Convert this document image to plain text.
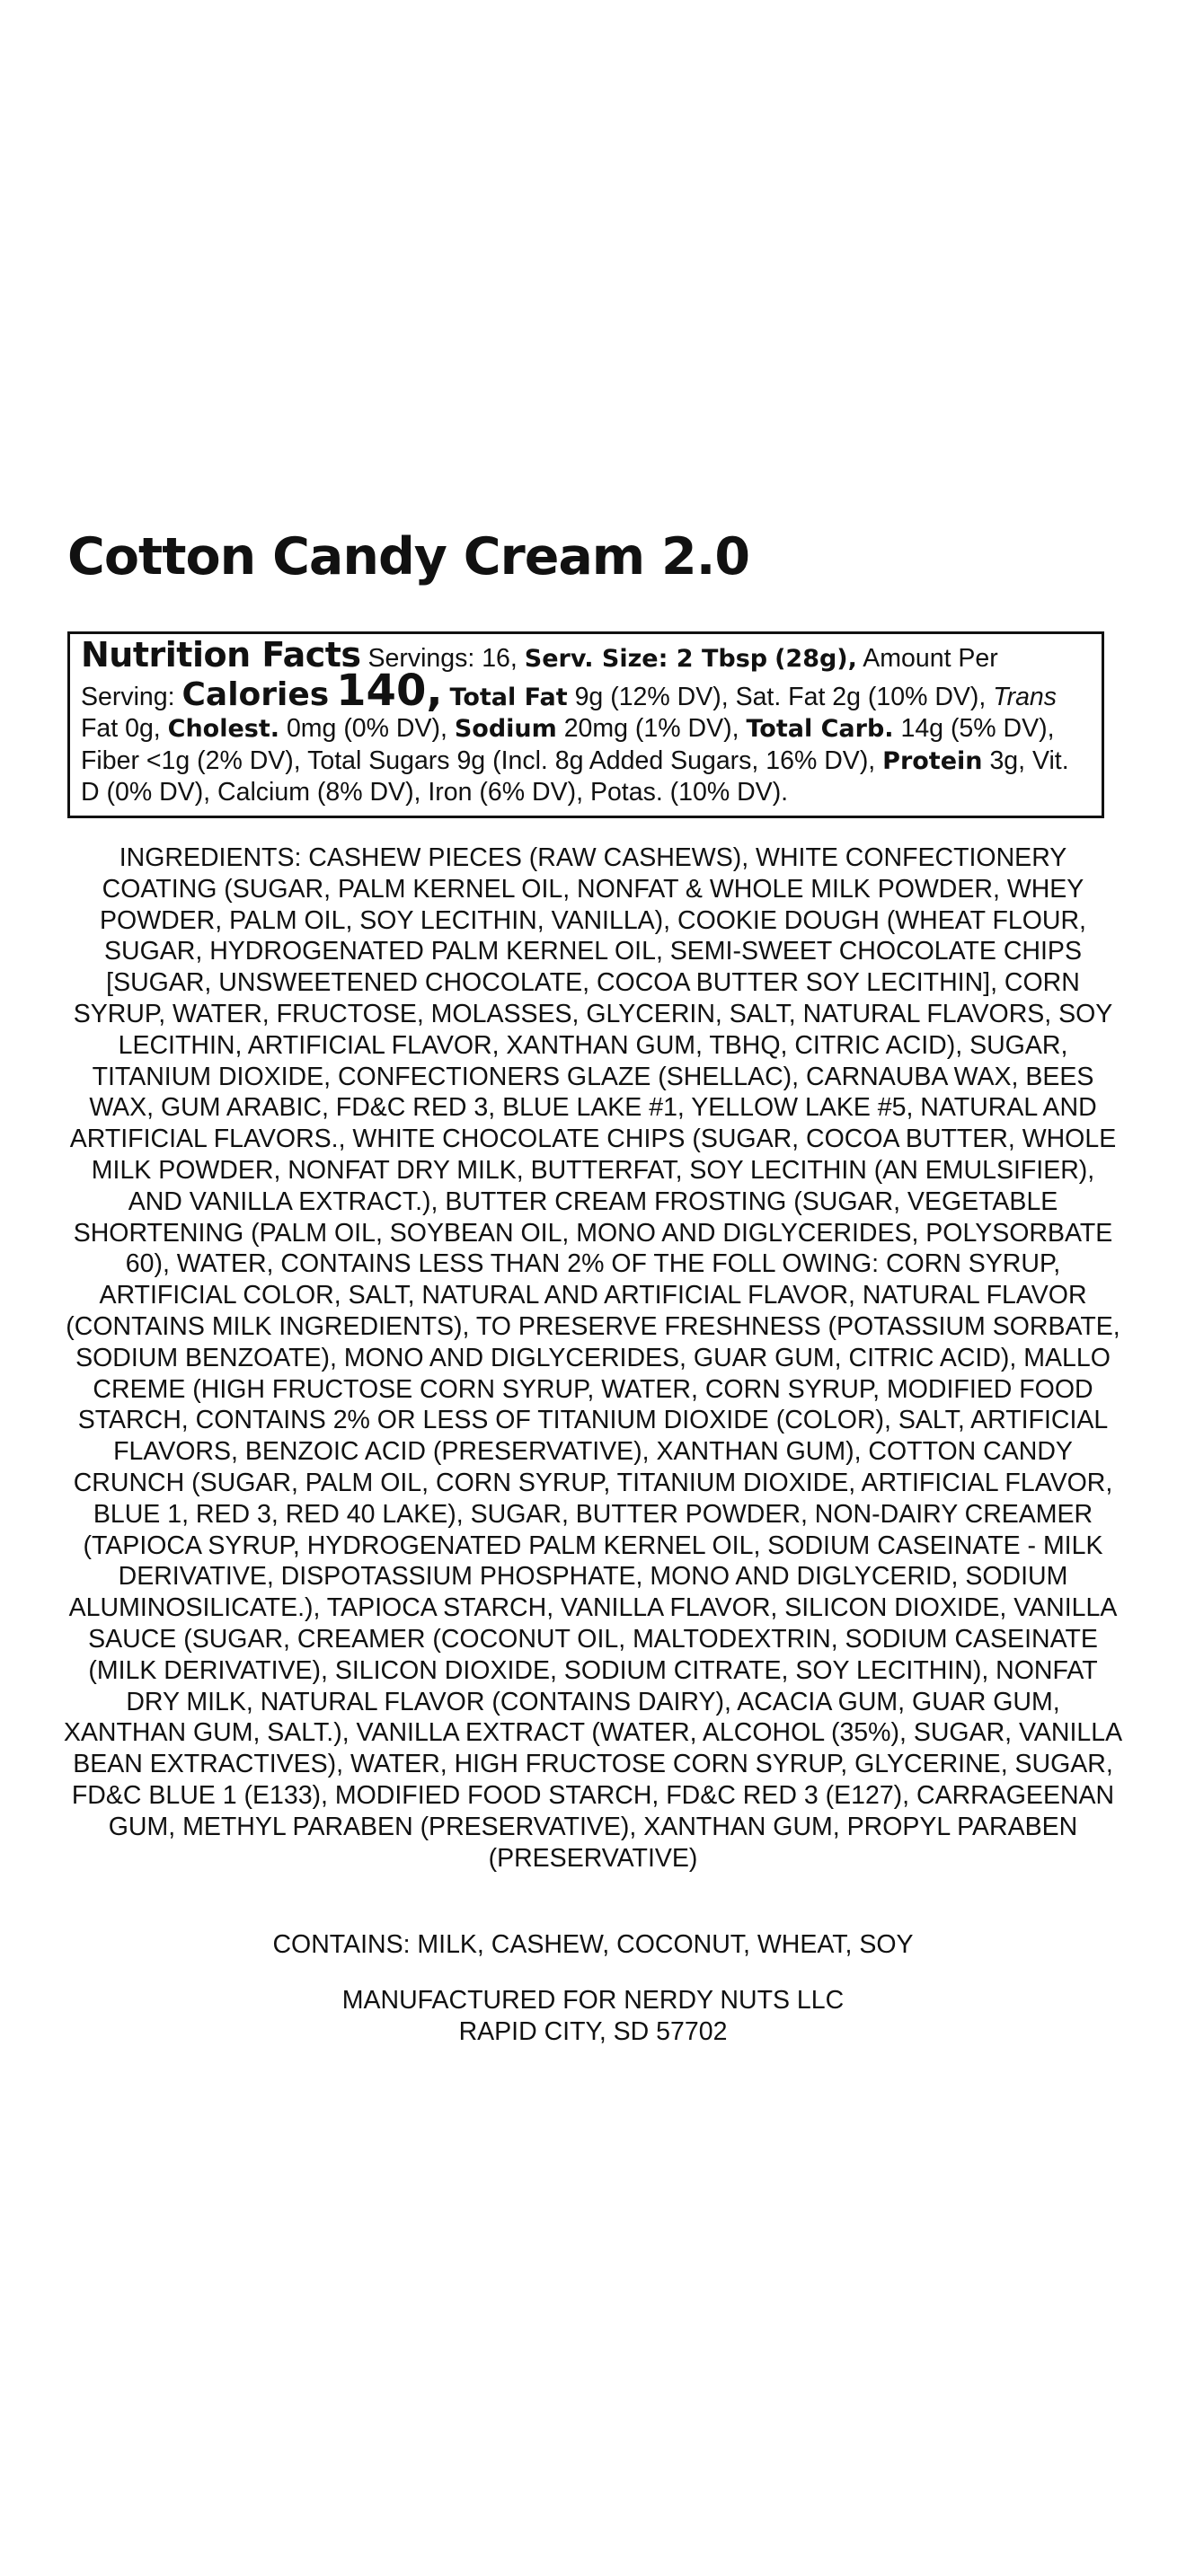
Cotton Candy Cream 2.0
Nutrition Facts Servings: 16, Serv. Size: 2 Tbsp (28g), Amount Per Serving: Calories 140, Total Fat 9g (12% DV), Sat. Fat 2g (10% DV), Trans Fat 0g, Cholest. 0mg (0% DV), Sodium 20mg (1% DV), Total Carb. 14g (5% DV), Fiber <1g (2% DV), Total Sugars 9g (Incl. 8g Added Sugars, 16% DV), Protein 3g, Vit. D (0% DV), Calcium (8% DV), Iron (6% DV), Potas. (10% DV).

INGREDIENTS: CASHEW PIECES (RAW CASHEWS), WHITE CONFECTIONERY COATING (SUGAR, PALM KERNEL OIL, NONFAT & WHOLE MILK POWDER, WHEY POWDER, PALM OIL, SOY LECITHIN, VANILLA), COOKIE DOUGH (WHEAT FLOUR, SUGAR, HYDROGENATED PALM KERNEL OIL, SEMI-SWEET CHOCOLATE CHIPS [SUGAR, UNSWEETENED CHOCOLATE, COCOA BUTTER SOY LECITHIN], CORN SYRUP, WATER, FRUCTOSE, MOLASSES, GLYCERIN, SALT, NATURAL FLAVORS, SOY LECITHIN, ARTIFICIAL FLAVOR, XANTHAN GUM, TBHQ, CITRIC ACID), SUGAR, TITANIUM DIOXIDE, CONFECTIONERS GLAZE (SHELLAC), CARNAUBA WAX, BEES WAX, GUM ARABIC, FD&C RED 3, BLUE LAKE #1, YELLOW LAKE #5, NATURAL AND ARTIFICIAL FLAVORS., WHITE CHOCOLATE CHIPS (SUGAR, COCOA BUTTER, WHOLE MILK POWDER, NONFAT DRY MILK, BUTTERFAT, SOY LECITHIN (AN EMULSIFIER), AND VANILLA EXTRACT.), BUTTER CREAM FROSTING (SUGAR, VEGETABLE SHORTENING (PALM OIL, SOYBEAN OIL, MONO AND DIGLYCERIDES, POLYSORBATE 60), WATER, CONTAINS LESS THAN 2% OF THE FOLL OWING: CORN SYRUP, ARTIFICIAL COLOR, SALT, NATURAL AND ARTIFICIAL FLAVOR, NATURAL FLAVOR (CONTAINS MILK INGREDIENTS), TO PRESERVE FRESHNESS (POTASSIUM SORBATE, SODIUM BENZOATE), MONO AND DIGLYCERIDES, GUAR GUM, CITRIC ACID), MALLO CREME (HIGH FRUCTOSE CORN SYRUP, WATER, CORN SYRUP, MODIFIED FOOD STARCH, CONTAINS 2% OR LESS OF TITANIUM DIOXIDE (COLOR), SALT, ARTIFICIAL FLAVORS, BENZOIC ACID (PRESERVATIVE), XANTHAN GUM), COTTON CANDY CRUNCH (SUGAR, PALM OIL, CORN SYRUP, TITANIUM DIOXIDE, ARTIFICIAL FLAVOR, BLUE 1, RED 3, RED 40 LAKE), SUGAR, BUTTER POWDER, NON-DAIRY CREAMER (TAPIOCA SYRUP, HYDROGENATED PALM KERNEL OIL, SODIUM CASEINATE - MILK DERIVATIVE, DISPOTASSIUM PHOSPHATE, MONO AND DIGLYCERID, SODIUM ALUMINOSILICATE.), TAPIOCA STARCH, VANILLA FLAVOR, SILICON DIOXIDE, VANILLA SAUCE (SUGAR, CREAMER (COCONUT OIL, MALTODEXTRIN, SODIUM CASEINATE (MILK DERIVATIVE), SILICON DIOXIDE, SODIUM CITRATE, SOY LECITHIN), NONFAT DRY MILK, NATURAL FLAVOR (CONTAINS DAIRY), ACACIA GUM, GUAR GUM, XANTHAN GUM, SALT.), VANILLA EXTRACT (WATER, ALCOHOL (35%), SUGAR, VANILLA BEAN EXTRACTIVES), WATER, HIGH FRUCTOSE CORN SYRUP, GLYCERINE, SUGAR, FD&C BLUE 1 (E133), MODIFIED FOOD STARCH, FD&C RED 3 (E127), CARRAGEENAN GUM, METHYL PARABEN (PRESERVATIVE), XANTHAN GUM, PROPYL PARABEN (PRESERVATIVE)

CONTAINS: MILK, CASHEW, COCONUT, WHEAT, SOY

MANUFACTURED FOR NERDY NUTS LLC
RAPID CITY, SD 57702
